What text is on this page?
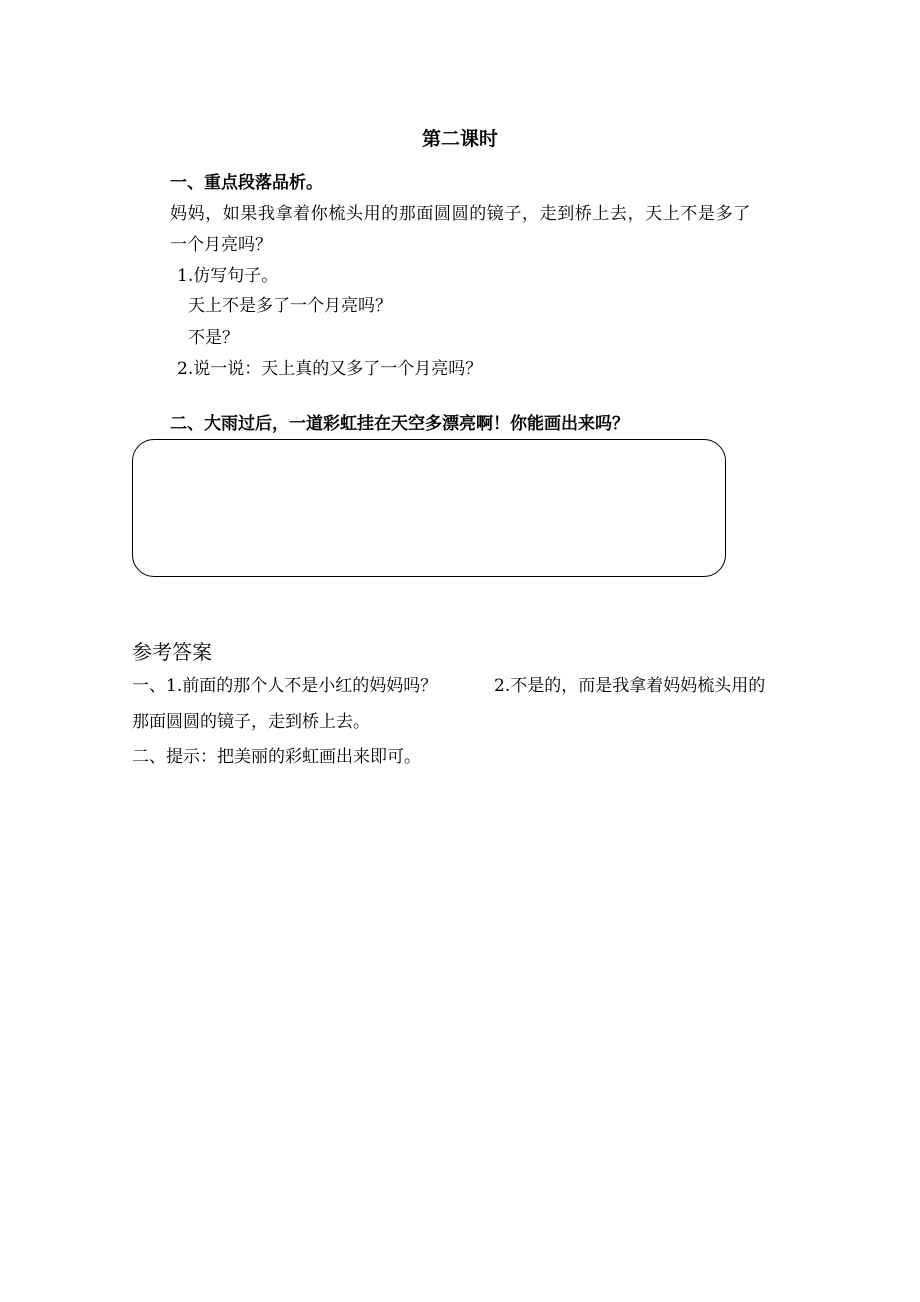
第二课时
一、重点段落品析。
妈妈，如果我拿着你梳头用的那面圆圆的镜子，走到桥上去，天上不是多了
一个月亮吗？
1.仿写句子。
天上不是多了一个月亮吗？
不是？
2.说一说：天上真的又多了一个月亮吗？
二、大雨过后，一道彩虹挂在天空多漂亮啊！你能画出来吗？
参考答案
一、1.前面的那个人不是小红的妈妈吗？	2.不是的，而是我拿着妈妈梳头用的
那面圆圆的镜子，走到桥上去。
二、提示：把美丽的彩虹画出来即可。
